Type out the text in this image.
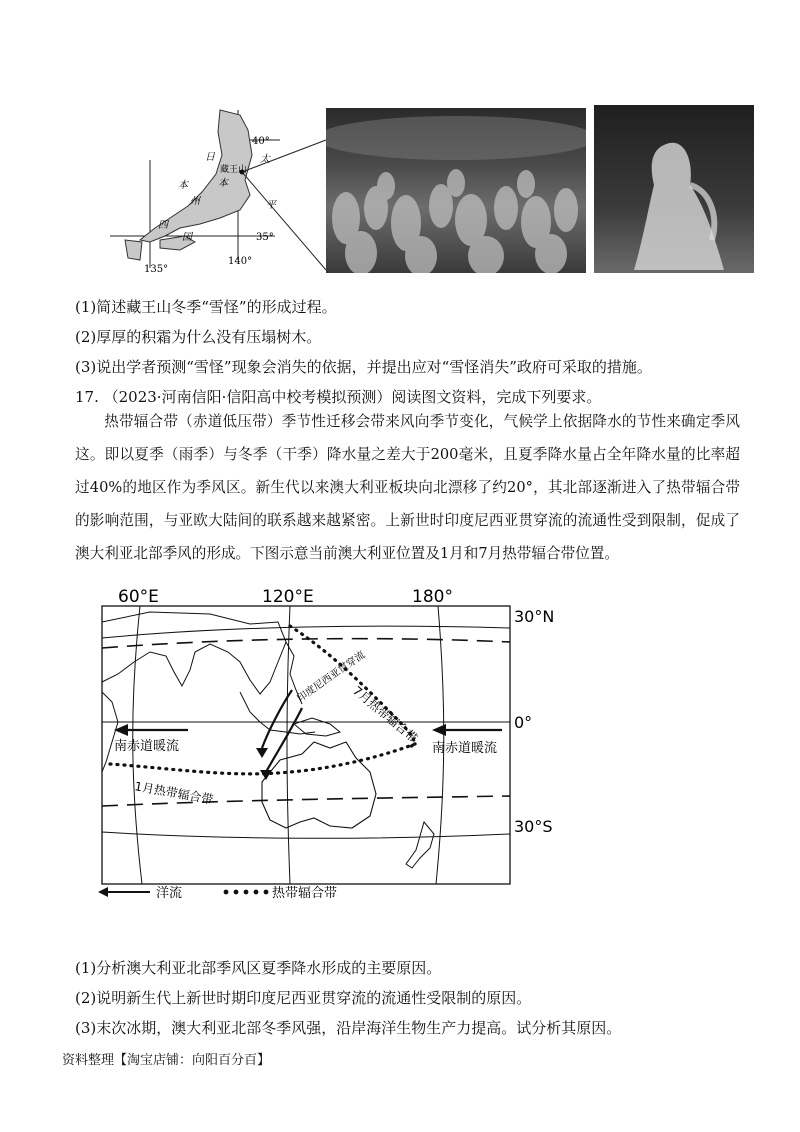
40°
35°
135°
140°
日
本
本
州
四
国
太
平
藏王山
(1)简述藏王山冬季“雪怪”的形成过程。
(2)厚厚的积霜为什么没有压塌树木。
(3)说出学者预测“雪怪”现象会消失的依据，并提出应对“雪怪消失”政府可采取的措施。
17. （2023·河南信阳·信阳高中校考模拟预测）阅读图文资料，完成下列要求。

热带辐合带（赤道低压带）季节性迁移会带来风向季节变化，气候学上依据降水的节性来确定季风这。即以夏季（雨季）与冬季（干季）降水量之差大于200毫米，且夏季降水量占全年降水量的比率超过40%的地区作为季风区。新生代以来澳大利亚板块向北漂移了约20°，其北部逐渐进入了热带辐合带的影响范围，与亚欧大陆间的联系越来越紧密。上新世时印度尼西亚贯穿流的流通性受到限制，促成了澳大利亚北部季风的形成。下图示意当前澳大利亚位置及1月和7月热带辐合带位置。

60°E	120°E	180°
30°N
0°
30°S
南赤道暖流	南赤道暖流
7月热带辐合带
1月热带辐合带
印度尼西亚贯穿流
洋流	热带辐合带
(1)分析澳大利亚北部季风区夏季降水形成的主要原因。
(2)说明新生代上新世时期印度尼西亚贯穿流的流通性受限制的原因。
(3)末次冰期，澳大利亚北部冬季风强，沿岸海洋生物生产力提高。试分析其原因。
资料整理【淘宝店铺：向阳百分百】
